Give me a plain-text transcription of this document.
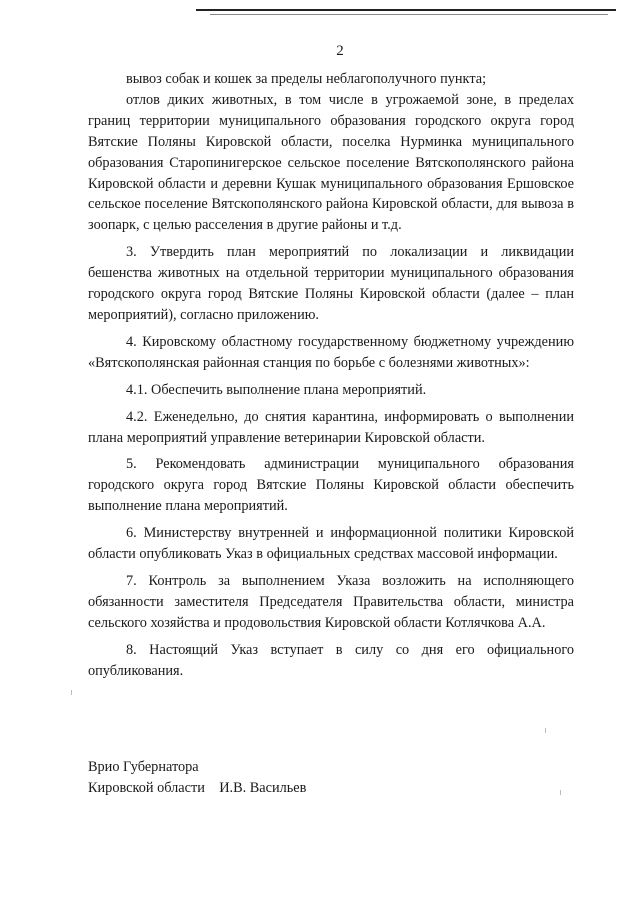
2

вывоз собак и кошек за пределы неблагополучного пункта;

отлов диких животных, в том числе в угрожаемой зоне, в пределах границ территории муниципального образования городского округа город Вятские Поляны Кировской области, поселка Нурминка муниципального образования Старопинигерское сельское поселение Вятскополянского района Кировской области и деревни Кушак муниципального образования Ершовское сельское поселение Вятскополянского района Кировской области, для вывоза в зоопарк, с целью расселения в другие районы и т.д.

3. Утвердить план мероприятий по локализации и ликвидации бешенства животных на отдельной территории муниципального образования городского округа город Вятские Поляны Кировской области (далее – план мероприятий), согласно приложению.

4. Кировскому областному государственному бюджетному учреждению «Вятскополянская районная станция по борьбе с болезнями животных»:

4.1. Обеспечить выполнение плана мероприятий.

4.2. Еженедельно, до снятия карантина, информировать о выполнении плана мероприятий управление ветеринарии Кировской области.

5. Рекомендовать администрации муниципального образования городского округа город Вятские Поляны Кировской области обеспечить выполнение плана мероприятий.

6. Министерству внутренней и информационной политики Кировской области опубликовать Указ в официальных средствах массовой информации.

7. Контроль за выполнением Указа возложить на исполняющего обязанности заместителя Председателя Правительства области, министра сельского хозяйства и продовольствия Кировской области Котлячкова А.А.

8. Настоящий Указ вступает в силу со дня его официального опубликования.

Врио Губернатора
Кировской области И.В. Васильев
